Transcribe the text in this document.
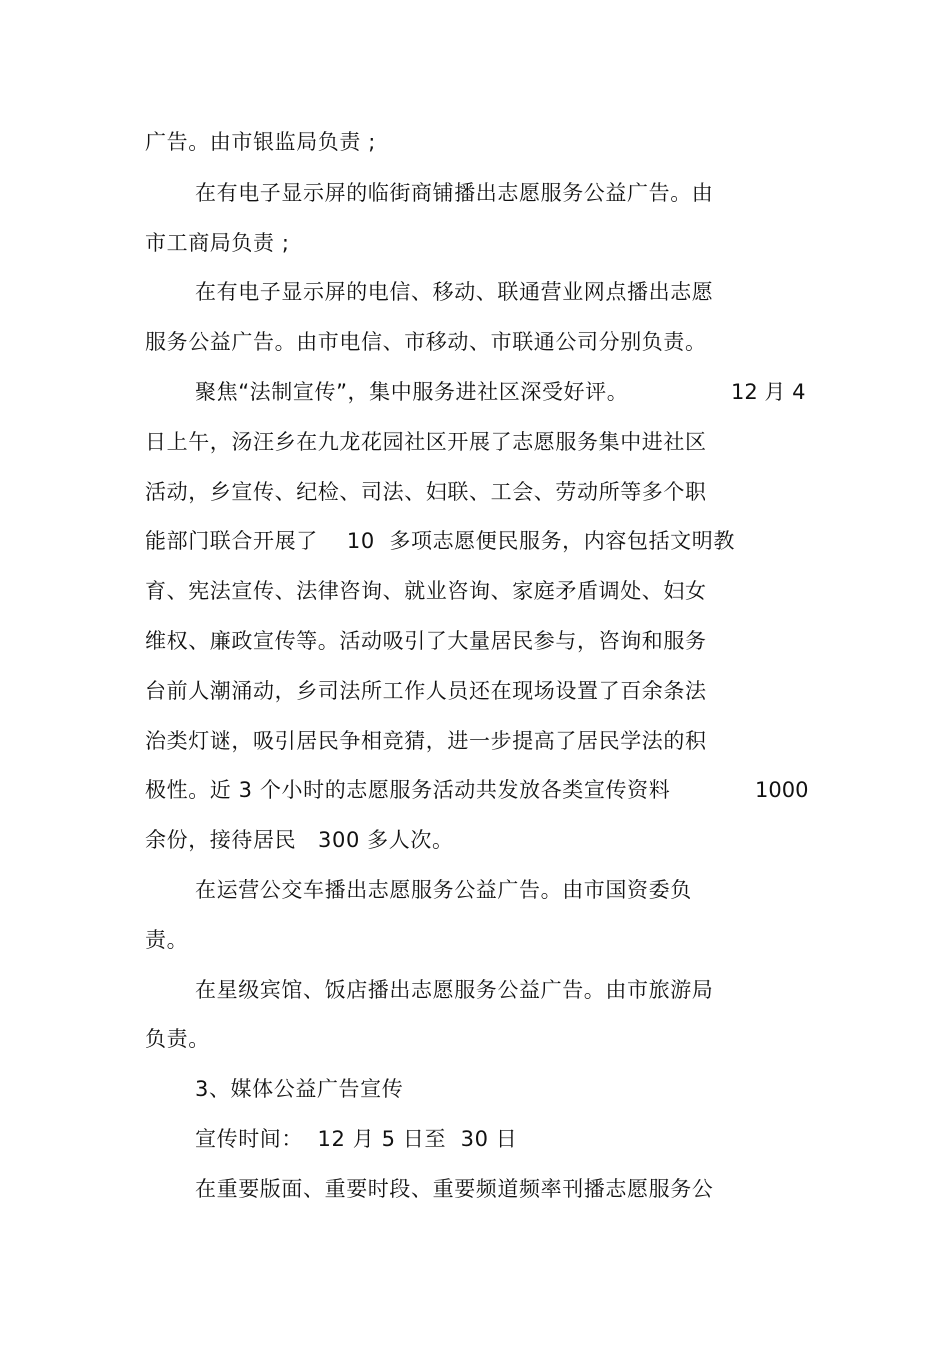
广告。由市银监局负责 ;
在有电子显示屏的临街商铺播出志愿服务公益广告。由
市工商局负责 ;
在有电子显示屏的电信、移动、联通营业网点播出志愿
服务公益广告。由市电信、市移动、市联通公司分别负责。
聚焦“法制宣传”，集中服务进社区深受好评。	12 月 4
日上午，汤汪乡在九龙花园社区开展了志愿服务集中进社区
活动，乡宣传、纪检、司法、妇联、工会、劳动所等多个职
能部门联合开展了    10  多项志愿便民服务，内容包括文明教
育、宪法宣传、法律咨询、就业咨询、家庭矛盾调处、妇女
维权、廉政宣传等。活动吸引了大量居民参与，咨询和服务
台前人潮涌动，乡司法所工作人员还在现场设置了百余条法
治类灯谜，吸引居民争相竞猜，进一步提高了居民学法的积
极性。近 3 个小时的志愿服务活动共发放各类宣传资料	1000
余份，接待居民   300 多人次。
在运营公交车播出志愿服务公益广告。由市国资委负
责。
在星级宾馆、饭店播出志愿服务公益广告。由市旅游局
负责。
3、媒体公益广告宣传
宣传时间：  12 月 5 日至  30 日
在重要版面、重要时段、重要频道频率刊播志愿服务公
